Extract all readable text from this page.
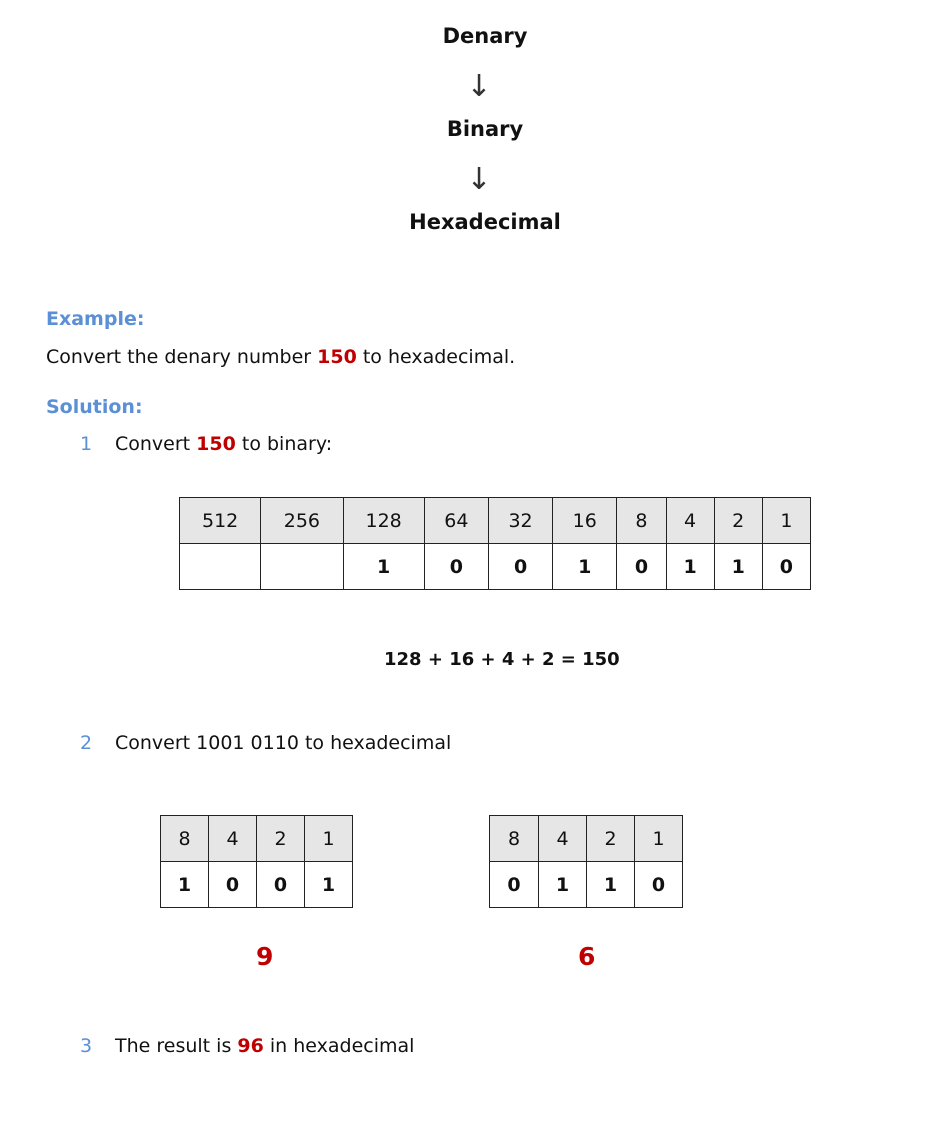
Denary
↓
Binary
↓
Hexadecimal
Example:
Convert the denary number 150 to hexadecimal.
Solution:
1 Convert 150 to binary:
512	256	128	64	32	16	8	4	2	1
		1	0	0	1	0	1	1	0
128 + 16 + 4 + 2 = 150
2 Convert 1001 0110 to hexadecimal
8	4	2	1
1	0	0	1
8	4	2	1
0	1	1	0
9	6
3 The result is 96 in hexadecimal
